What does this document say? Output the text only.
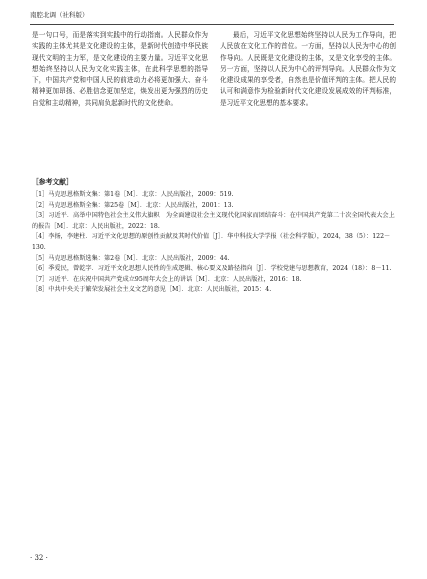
南腔北调（社科版）
是一句口号，而是落实到实践中的行动指南。人民群众作为实践的主体尤其是文化建设的主体，是新时代创造中华民族现代文明的主力军，是文化建设的主要力量。习近平文化思想始终坚持以人民为文化实践主体，在此科学思想的指导下，中国共产党和中国人民的前进动力必将更加强大、奋斗精神更加昂扬、必胜信念更加坚定，焕发出更为强烈的历史自觉和主动精神，共同肩负起新时代的文化使命。
最后，习近平文化思想始终坚持以人民为工作导向，把人民放在文化工作的首位。一方面，坚持以人民为中心的创作导向。人民既是文化建设的主体，又是文化享受的主体。另一方面，坚持以人民为中心的评判导向。人民群众作为文化建设成果的享受者，自然也是价值评判的主体。把人民的认可和满意作为检验新时代文化建设发展成效的评判标准，是习近平文化思想的基本要求。
［参考文献］
［1］马克思恩格斯文集：第1卷［M］．北京：人民出版社，2009：519.
［2］马克思恩格斯全集：第25卷［M］．北京：人民出版社，2001：13.
［3］习近平．高举中国特色社会主义伟大旗帜　为全面建设社会主义现代化国家而团结奋斗：在中国共产党第二十次全国代表大会上的报告［M］．北京：人民出版社，2022：18.
［4］李扬，李建柱．习近平文化思想的原创性贡献及其时代价值［J］．华中科技大学学报（社会科学版），2024，38（5）：122－130.
［5］马克思恩格斯选集：第2卷［M］．北京：人民出版社，2009：44.
［6］季爱民，曾乾字．习近平文化思想人民性的生成逻辑、核心要义及路径指向［J］．学校党建与思想教育，2024（18）：8－11.
［7］习近平．在庆祝中国共产党成立95周年大会上的讲话［M］．北京：人民出版社，2016：18.
［8］中共中央关于繁荣发展社会主义文艺的意见［M］．北京：人民出版社，2015：4.
· 32 ·
